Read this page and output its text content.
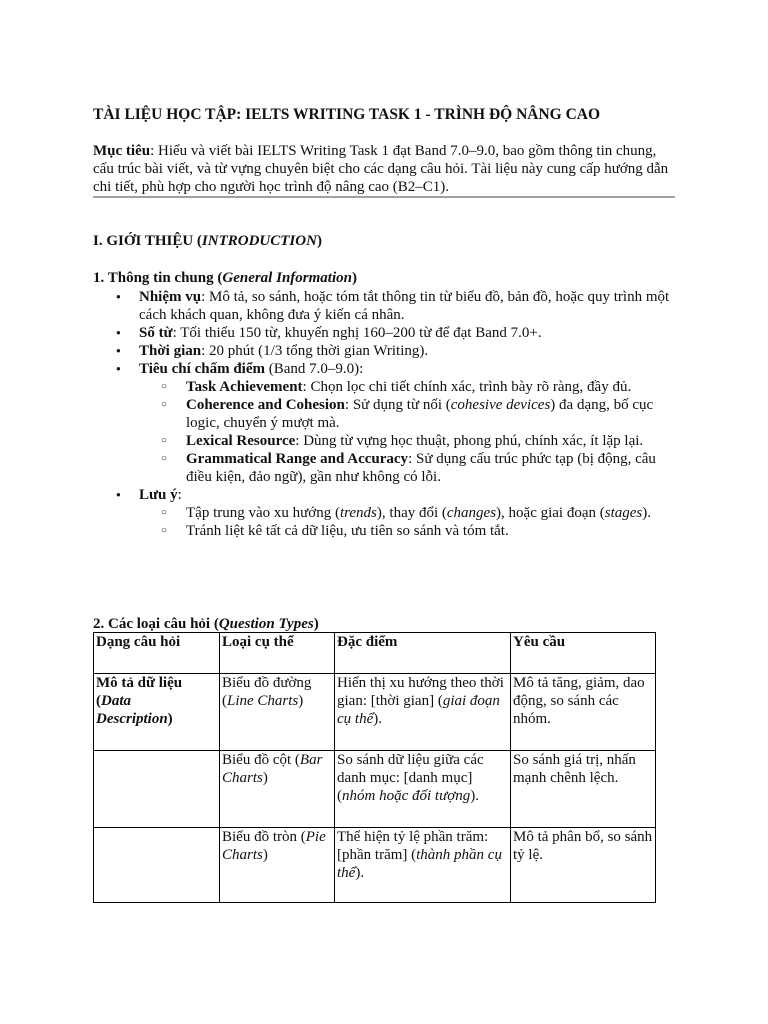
TÀI LIỆU HỌC TẬP: IELTS WRITING TASK 1 - TRÌNH ĐỘ NÂNG CAO
Mục tiêu: Hiểu và viết bài IELTS Writing Task 1 đạt Band 7.0–9.0, bao gồm thông tin chung, cấu trúc bài viết, và từ vựng chuyên biệt cho các dạng câu hỏi. Tài liệu này cung cấp hướng dẫn chi tiết, phù hợp cho người học trình độ nâng cao (B2–C1).
I. GIỚI THIỆU (INTRODUCTION)
1. Thông tin chung (General Information)
● Nhiệm vụ: Mô tả, so sánh, hoặc tóm tắt thông tin từ biểu đồ, bản đồ, hoặc quy trình một cách khách quan, không đưa ý kiến cá nhân.
● Số từ: Tối thiểu 150 từ, khuyến nghị 160–200 từ để đạt Band 7.0+.
● Thời gian: 20 phút (1/3 tổng thời gian Writing).
● Tiêu chí chấm điểm (Band 7.0–9.0):
○ Task Achievement: Chọn lọc chi tiết chính xác, trình bày rõ ràng, đầy đủ.
○ Coherence and Cohesion: Sử dụng từ nối (cohesive devices) đa dạng, bố cục logic, chuyển ý mượt mà.
○ Lexical Resource: Dùng từ vựng học thuật, phong phú, chính xác, ít lặp lại.
○ Grammatical Range and Accuracy: Sử dụng cấu trúc phức tạp (bị động, câu điều kiện, đảo ngữ), gần như không có lỗi.
● Lưu ý:
○ Tập trung vào xu hướng (trends), thay đổi (changes), hoặc giai đoạn (stages).
○ Tránh liệt kê tất cả dữ liệu, ưu tiên so sánh và tóm tắt.
2. Các loại câu hỏi (Question Types)
Dạng câu hỏi	Loại cụ thể	Đặc điểm	Yêu cầu
Mô tả dữ liệu
(Data
Description)	Biểu đồ đường (Line Charts)	Hiển thị xu hướng theo thời gian: [thời gian] (giai đoạn cụ thể).	Mô tả tăng, giảm, dao động, so sánh các nhóm.
	Biểu đồ cột (Bar Charts)	So sánh dữ liệu giữa các danh mục: [danh mục] (nhóm hoặc đối tượng).	So sánh giá trị, nhấn mạnh chênh lệch.
	Biểu đồ tròn (Pie Charts)	Thể hiện tỷ lệ phần trăm: [phần trăm] (thành phần cụ thể).	Mô tả phân bổ, so sánh tỷ lệ.
